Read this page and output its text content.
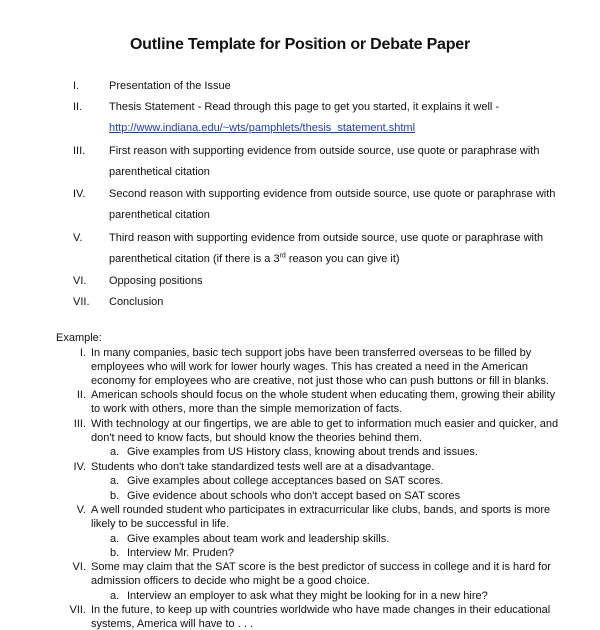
Outline Template for Position or Debate Paper
I.	Presentation of the Issue
II. Thesis Statement - Read through this page to get you started, it explains it well -
http://www.indiana.edu/~wts/pamphlets/thesis_statement.shtml
III. First reason with supporting evidence from outside source, use quote or paraphrase with
parenthetical citation
IV. Second reason with supporting evidence from outside source, use quote or paraphrase with
parenthetical citation
V. Third reason with supporting evidence from outside source, use quote or paraphrase with
parenthetical citation (if there is a 3rd reason you can give it)
VI. Opposing positions
VII. Conclusion
Example:
I. In many companies, basic tech support jobs have been transferred overseas to be filled by
employees who will work for lower hourly wages. This has created a need in the American
economy for employees who are creative, not just those who can push buttons or fill in blanks.
II. American schools should focus on the whole student when educating them, growing their ability
to work with others, more than the simple memorization of facts.
III. With technology at our fingertips, we are able to get to information much easier and quicker, and
don't need to know facts, but should know the theories behind them.
a. Give examples from US History class, knowing about trends and issues.
IV. Students who don't take standardized tests well are at a disadvantage.
a. Give examples about college acceptances based on SAT scores.
b. Give evidence about schools who don't accept based on SAT scores
V. A well rounded student who participates in extracurricular like clubs, bands, and sports is more
likely to be successful in life.
a. Give examples about team work and leadership skills.
b. Interview Mr. Pruden?
VI. Some may claim that the SAT score is the best predictor of success in college and it is hard for
admission officers to decide who might be a good choice.
a. Interview an employer to ask what they might be looking for in a new hire?
VII. In the future, to keep up with countries worldwide who have made changes in their educational
systems, America will have to . . .
